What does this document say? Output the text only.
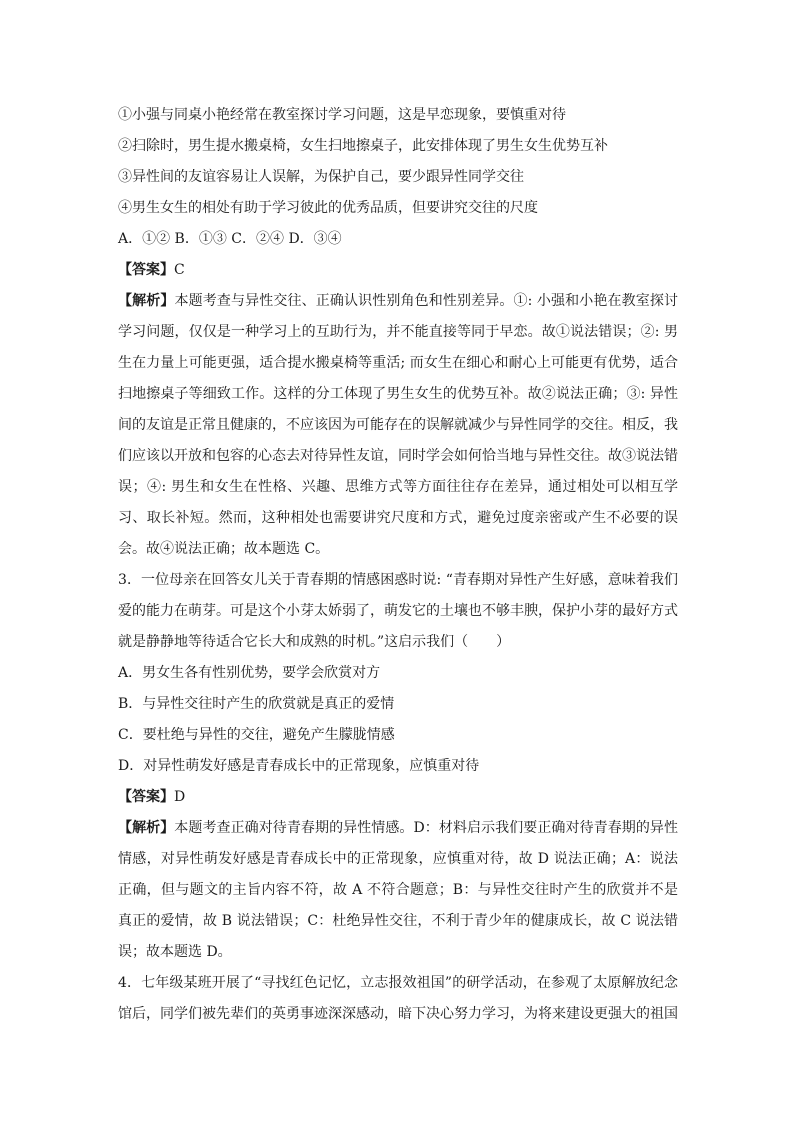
①小强与同桌小艳经常在教室探讨学习问题，这是早恋现象，要慎重对待
②扫除时，男生提水搬桌椅，女生扫地擦桌子，此安排体现了男生女生优势互补
③异性间的友谊容易让人误解，为保护自己，要少跟异性同学交往
④男生女生的相处有助于学习彼此的优秀品质，但要讲究交往的尺度
A．①② B．①③ C．②④ D．③④
【答案】C
【解析】本题考查与异性交往、正确认识性别角色和性别差异。①: 小强和小艳在教室探讨学习问题，仅仅是一种学习上的互助行为，并不能直接等同于早恋。故①说法错误；②: 男生在力量上可能更强，适合提水搬桌椅等重活; 而女生在细心和耐心上可能更有优势，适合扫地擦桌子等细致工作。这样的分工体现了男生女生的优势互补。故②说法正确；③: 异性间的友谊是正常且健康的，不应该因为可能存在的误解就减少与异性同学的交往。相反，我们应该以开放和包容的心态去对待异性友谊，同时学会如何恰当地与异性交往。故③说法错误；④: 男生和女生在性格、兴趣、思维方式等方面往往存在差异，通过相处可以相互学习、取长补短。然而，这种相处也需要讲究尺度和方式，避免过度亲密或产生不必要的误会。故④说法正确；故本题选 C。
3．一位母亲在回答女儿关于青春期的情感困惑时说: “青春期对异性产生好感，意味着我们爱的能力在萌芽。可是这个小芽太娇弱了，萌发它的土壤也不够丰腴，保护小芽的最好方式就是静静地等待适合它长大和成熟的时机。”这启示我们（　　）
A．男女生各有性别优势，要学会欣赏对方
B．与异性交往时产生的欣赏就是真正的爱情
C．要杜绝与异性的交往，避免产生朦胧情感
D．对异性萌发好感是青春成长中的正常现象，应慎重对待
【答案】D
【解析】本题考查正确对待青春期的异性情感。D：材料启示我们要正确对待青春期的异性情感，对异性萌发好感是青春成长中的正常现象，应慎重对待，故 D 说法正确；A：说法正确，但与题文的主旨内容不符，故 A 不符合题意；B：与异性交往时产生的欣赏并不是真正的爱情，故 B 说法错误；C：杜绝异性交往，不利于青少年的健康成长，故 C 说法错误；故本题选 D。
4．七年级某班开展了“寻找红色记忆，立志报效祖国”的研学活动，在参观了太原解放纪念馆后，同学们被先辈们的英勇事迹深深感动，暗下决心努力学习，为将来建设更强大的祖国
